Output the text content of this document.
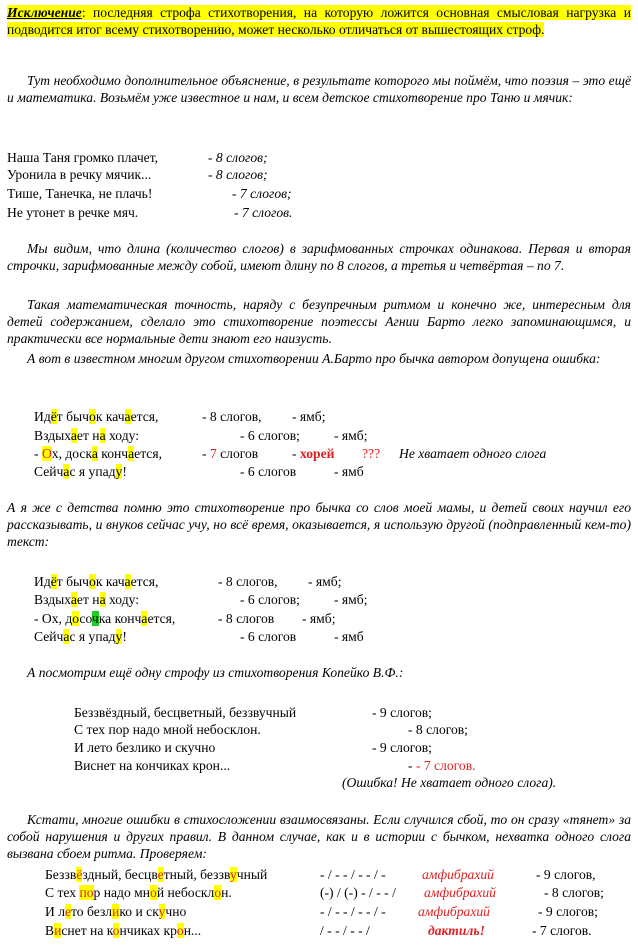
Исключение: последняя строфа стихотворения, на которую ложится основная смысловая нагрузка и подводится итог всему стихотворению, может несколько отличаться от вышестоящих строф.
Тут необходимо дополнительное объяснение, в результате которого мы поймём, что поэзия – это ещё и математика. Возьмём уже известное и нам, и всем детское стихотворение про Таню и мячик:
Наша Таня громко плачет,	- 8 слогов;
Уронила в речку мячик...	- 8 слогов;
Тише, Танечка, не плачь!	- 7 слогов;
Не утонет в речке мяч.	- 7 слогов.
Мы видим, что длина (количество слогов) в зарифмованных строчках одинакова. Первая и вторая строчки, зарифмованные между собой, имеют длину по 8 слогов, а третья и четвёртая – по 7.
Такая математическая точность, наряду с безупречным ритмом и конечно же, интересным для детей содержанием, сделало это стихотворение поэтессы Агнии Барто легко запоминающимся, и практически все нормальные дети знают его наизусть.
А вот в известном многим другом стихотворении А.Барто про бычка автором допущена ошибка:
Идёт бычок качается,	- 8 слогов, - ямб;
Вздыхает на ходу:	- 6 слогов;	- ямб;
- Ох, доска кончается,	- 7 слогов - хорей ??? Не хватает одного слога
Сейчас я упаду!	- 6 слогов	- ямб
А я же с детства помню это стихотворение про бычка со слов моей мамы, и детей своих научил его рассказывать, и внуков сейчас учу, но всё время, оказывается, я использую другой (подправленный кем-то) текст:
Идёт бычок качается,	- 8 слогов, - ямб;
Вздыхает на ходу:	- 6 слогов;	- ямб;
- Ох, досочка кончается,	- 8 слогов - ямб;
Сейчас я упаду!	- 6 слогов	- ямб
А посмотрим ещё одну строфу из стихотворения Копейко В.Ф.:
Беззвёздный, бесцветный, беззвучный	- 9 слогов;
С тех пор надо мной небосклон.	- 8 слогов;
И лето безлико и скучно	- 9 слогов;
Виснет на кончиках крон...	- - 7 слогов.
(Ошибка! Не хватает одного слога).
Кстати, многие ошибки в стихосложении взаимосвязаны. Если случился сбой, то он сразу «тянет» за собой нарушения и других правил. В данном случае, как и в истории с бычком, нехватка одного слога вызвана сбоем ритма. Проверяем:
Беззвёздный, бесцветный, беззвучный	- / - - / - - / -	амфибрахий	- 9 слогов,
С тех пор надо мной небосклон.	(-) / (-) - / - - / амфибрахий	- 8 слогов;
И лето безлико и скучно	- / - - / - - / - амфибрахий	- 9 слогов;
Виснет на кончиках крон...	/ - - / - - /	дактиль!	- 7 слогов.
